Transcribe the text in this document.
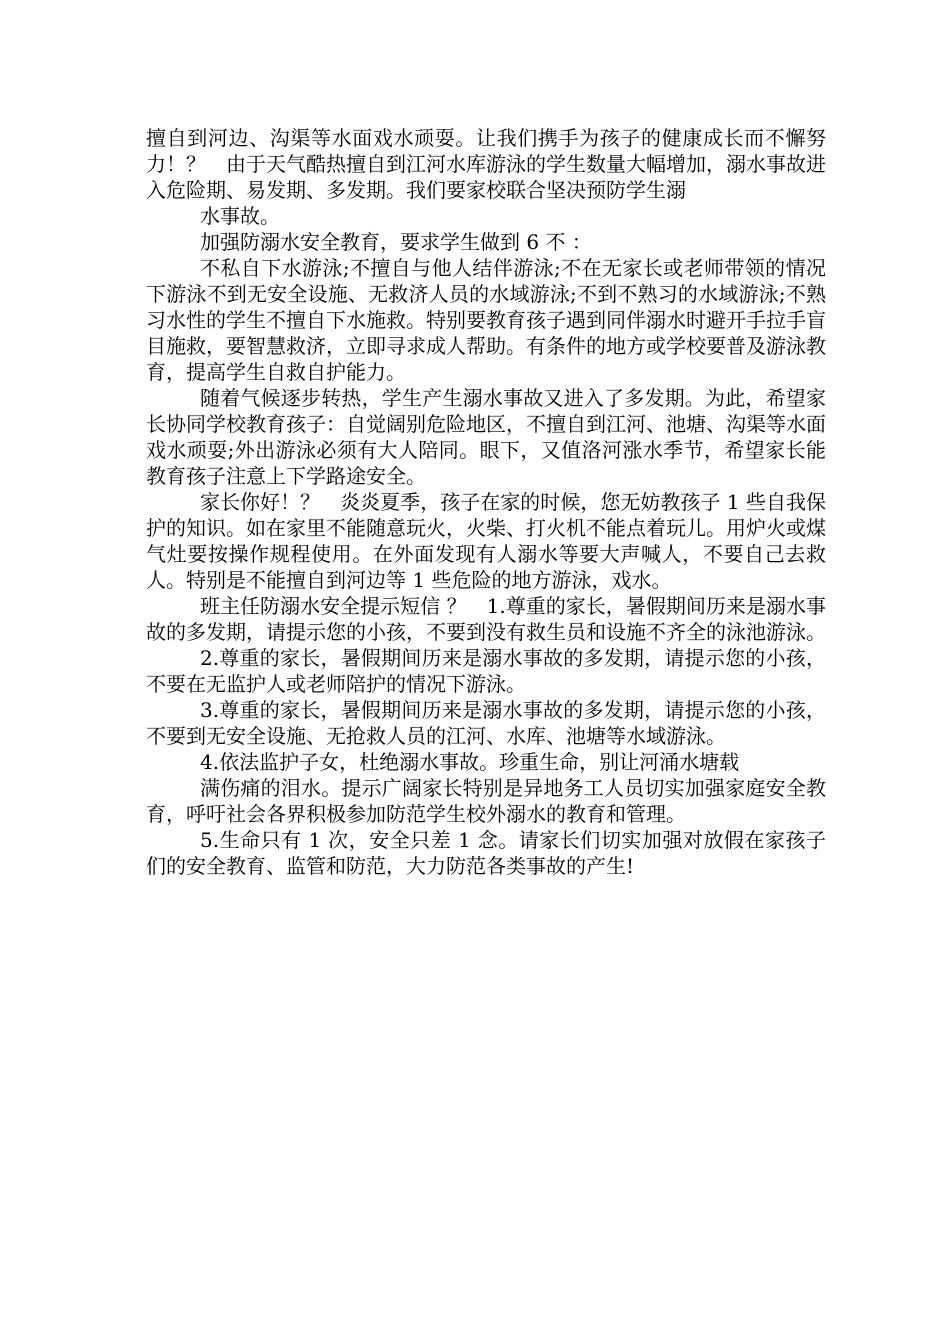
擅自到河边、沟渠等水面戏水顽耍。让我们携手为孩子的健康成长而不懈努力！？　由于天气酷热擅自到江河水库游泳的学生数量大幅增加，溺水事故进入危险期、易发期、多发期。我们要家校联合坚决预防学生溺

水事故。

加强防溺水安全教育，要求学生做到 6 不 ：

不私自下水游泳;不擅自与他人结伴游泳;不在无家长或老师带领的情况下游泳不到无安全设施、无救济人员的水域游泳;不到不熟习的水域游泳;不熟习水性的学生不擅自下水施救。特别要教育孩子遇到同伴溺水时避开手拉手盲目施救，要智慧救济，立即寻求成人帮助。有条件的地方或学校要普及游泳教育，提高学生自救自护能力。

随着气候逐步转热，学生产生溺水事故又进入了多发期。为此，希望家长协同学校教育孩子：自觉阔别危险地区，不擅自到江河、池塘、沟渠等水面戏水顽耍;外出游泳必须有大人陪同。眼下，又值洛河涨水季节，希望家长能教育孩子注意上下学路途安全。

家长你好！？　炎炎夏季，孩子在家的时候，您无妨教孩子 1 些自我保护的知识。如在家里不能随意玩火，火柴、打火机不能点着玩儿。用炉火或煤气灶要按操作规程使用。在外面发现有人溺水等要大声喊人，不要自己去救人。特别是不能擅自到河边等 1 些危险的地方游泳，戏水。

班主任防溺水安全提示短信 ？　1.尊重的家长，暑假期间历来是溺水事故的多发期，请提示您的小孩，不要到没有救生员和设施不齐全的泳池游泳。

2.尊重的家长，暑假期间历来是溺水事故的多发期，请提示您的小孩，不要在无监护人或老师陪护的情况下游泳。

3.尊重的家长，暑假期间历来是溺水事故的多发期，请提示您的小孩，不要到无安全设施、无抢救人员的江河、水库、池塘等水域游泳。

4.依法监护子女，杜绝溺水事故。珍重生命，别让河涌水塘载

满伤痛的泪水。提示广阔家长特别是异地务工人员切实加强家庭安全教育，呼吁社会各界积极参加防范学生校外溺水的教育和管理。

5.生命只有 1 次，安全只差 1 念。请家长们切实加强对放假在家孩子们的安全教育、监管和防范，大力防范各类事故的产生!
